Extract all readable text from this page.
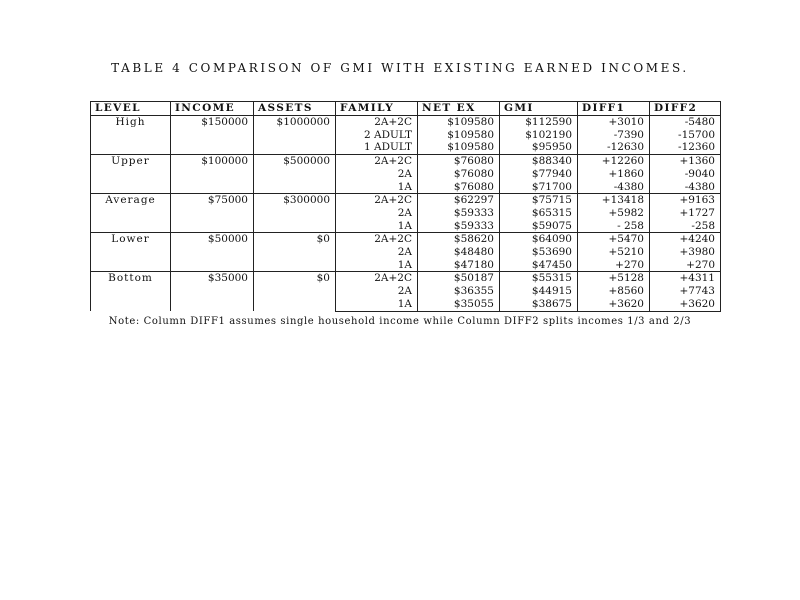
TABLE 4 COMPARISON OF GMI WITH EXISTING EARNED INCOMES.
LEVEL	INCOME	ASSETS	FAMILY	NET EX	GMI	DIFF1	DIFF2
High	$150000	$1000000	2A+2C	$109580	$112590	+3010	-5480
			2 ADULT	$109580	$102190	-7390	-15700
			1 ADULT	$109580	$95950	-12630	-12360
Upper	$100000	$500000	2A+2C	$76080	$88340	+12260	+1360
			2A	$76080	$77940	+1860	-9040
			1A	$76080	$71700	-4380	-4380
Average	$75000	$300000	2A+2C	$62297	$75715	+13418	+9163
			2A	$59333	$65315	+5982	+1727
			1A	$59333	$59075	- 258	-258
Lower	$50000	$0	2A+2C	$58620	$64090	+5470	+4240
			2A	$48480	$53690	+5210	+3980
			1A	$47180	$47450	+270	+270
Bottom	$35000	$0	2A+2C	$50187	$55315	+5128	+4311
			2A	$36355	$44915	+8560	+7743
			1A	$35055	$38675	+3620	+3620
Note: Column DIFF1 assumes single household income while Column DIFF2 splits incomes 1/3 and 2/3
